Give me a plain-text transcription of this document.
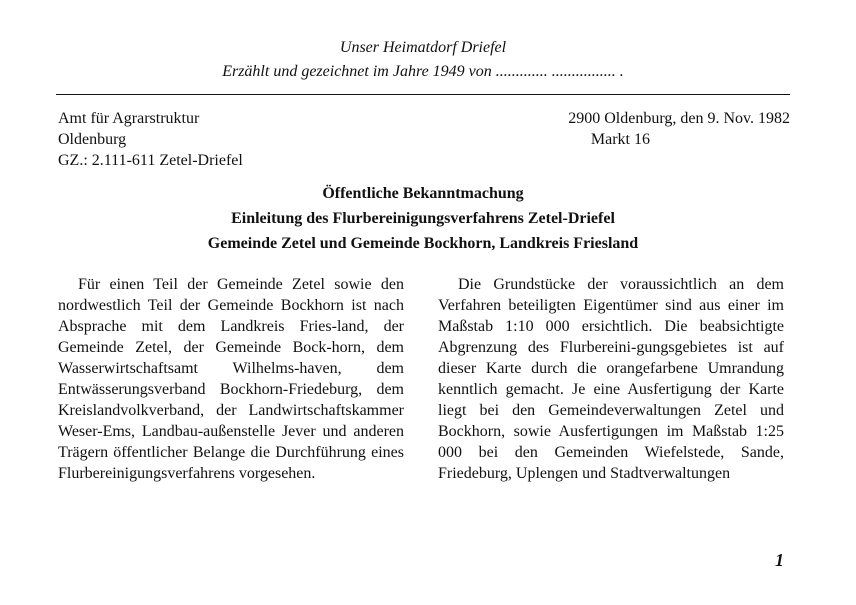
Unser Heimatdorf Driefel
Erzählt und gezeichnet im Jahre 1949 von ............. ................ .
Amt für Agrarstruktur
Oldenburg
GZ.: 2.111-611 Zetel-Driefel
2900 Oldenburg, den 9. Nov. 1982
Markt 16
Öffentliche Bekanntmachung
Einleitung des Flurbereinigungsverfahrens Zetel-Driefel
Gemeinde Zetel und Gemeinde Bockhorn, Landkreis Friesland

Für einen Teil der Gemeinde Zetel sowie den nordwestlich Teil der Gemeinde Bockhorn ist nach Absprache mit dem Landkreis Fries-land, der Gemeinde Zetel, der Gemeinde Bock-horn, dem Wasserwirtschaftsamt Wilhelms-haven, dem Entwässerungsverband Bockhorn-Friedeburg, dem Kreislandvolkverband, der Landwirtschaftskammer Weser-Ems, Landbau-außenstelle Jever und anderen Trägern öffentlicher Belange die Durchführung eines Flurbereinigungsverfahrens vorgesehen.

Die Grundstücke der voraussichtlich an dem Verfahren beteiligten Eigentümer sind aus einer im Maßstab 1:10 000 ersichtlich. Die beabsichtigte Abgrenzung des Flurbereini-gungsgebietes ist auf dieser Karte durch die orangefarbene Umrandung kenntlich gemacht. Je eine Ausfertigung der Karte liegt bei den Gemeindeverwaltungen Zetel und Bockhorn, sowie Ausfertigungen im Maßstab 1:25 000 bei den Gemeinden Wiefelstede, Sande, Friedeburg, Uplengen und Stadtverwaltungen

1
